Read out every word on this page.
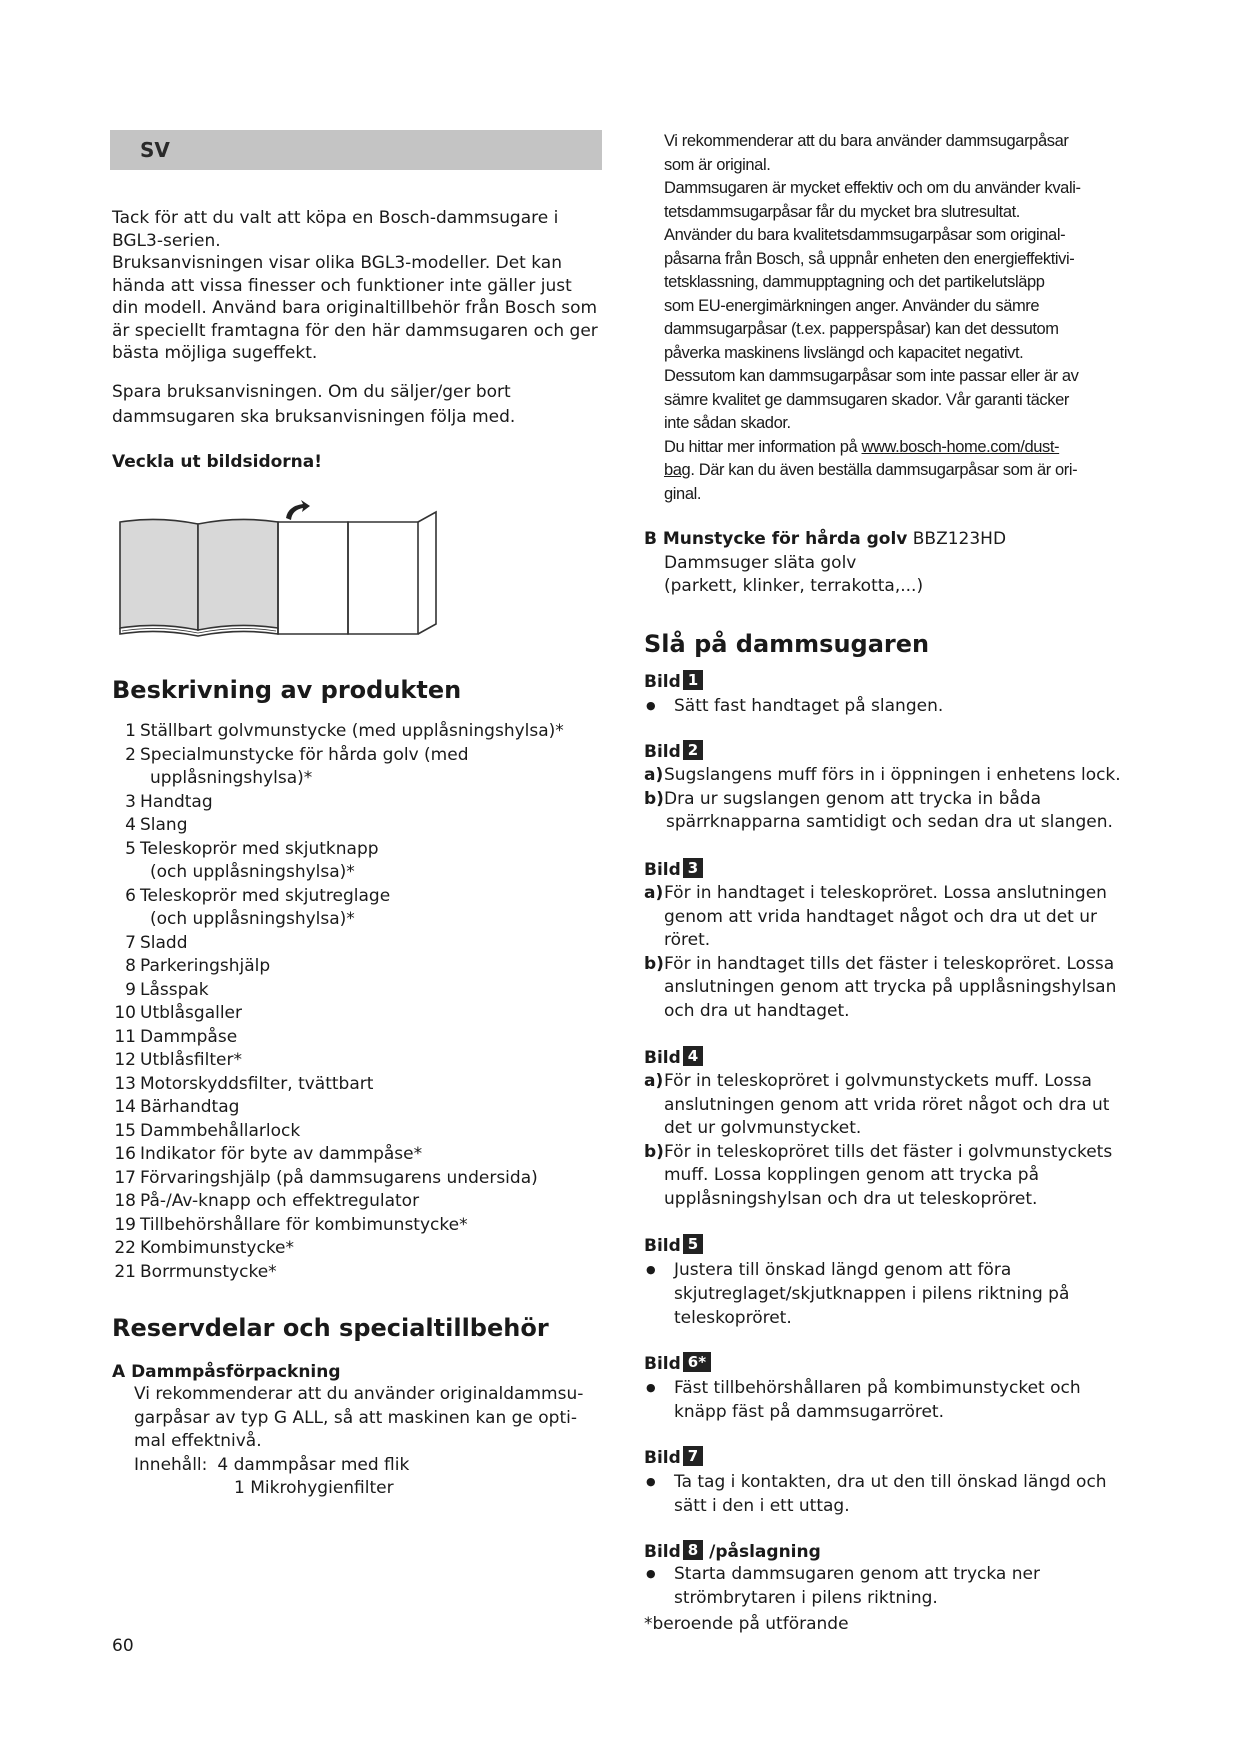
SV
Tack för att du valt att köpa en Bosch-dammsugare i
BGL3-serien.
Bruksanvisningen visar olika BGL3-modeller. Det kan
hända att vissa finesser och funktioner inte gäller just
din modell. Använd bara originaltillbehör från Bosch som
är speciellt framtagna för den här dammsugaren och ger
bästa möjliga sugeffekt.
Spara bruksanvisningen. Om du säljer/ger bort
dammsugaren ska bruksanvisningen följa med.
Veckla ut bildsidorna!
Beskrivning av produkten
1 Ställbart golvmunstycke (med upplåsningshylsa)*
2 Specialmunstycke för hårda golv (med
upplåsningshylsa)*
3 Handtag
4 Slang
5 Teleskoprör med skjutknapp
(och upplåsningshylsa)*
6 Teleskoprör med skjutreglage
(och upplåsningshylsa)*
7 Sladd
8 Parkeringshjälp
9 Låsspak
10 Utblåsgaller
11 Dammpåse
12 Utblåsfilter*
13 Motorskyddsfilter, tvättbart
14 Bärhandtag
15 Dammbehållarlock
16 Indikator för byte av dammpåse*
17 Förvaringshjälp (på dammsugarens undersida)
18 På-/Av-knapp och effektregulator
19 Tillbehörshållare för kombimunstycke*
22 Kombimunstycke*
21 Borrmunstycke*
Reservdelar och specialtillbehör
A Dammpåsförpackning
Vi rekommenderar att du använder originaldammsu-
garpåsar av typ G ALL, så att maskinen kan ge opti-
mal effektnivå.
Innehåll: 4 dammpåsar med flik
1 Mikrohygienfilter
60
Vi rekommenderar att du bara använder dammsugarpåsar
som är original.
Dammsugaren är mycket effektiv och om du använder kvali-
tetsdammsugarpåsar får du mycket bra slutresultat.
Använder du bara kvalitetsdammsugarpåsar som original-
påsarna från Bosch, så uppnår enheten den energieffektivi-
tetsklassning, dammupptagning och det partikelutsläpp
som EU-energimärkningen anger. Använder du sämre
dammsugarpåsar (t.ex. papperspåsar) kan det dessutom
påverka maskinens livslängd och kapacitet negativt.
Dessutom kan dammsugarpåsar som inte passar eller är av
sämre kvalitet ge dammsugaren skador. Vår garanti täcker
inte sådan skador.
Du hittar mer information på www.bosch-home.com/dust-
bag. Där kan du även beställa dammsugarpåsar som är ori-
ginal.
B Munstycke för hårda golv BBZ123HD
Dammsuger släta golv
(parkett, klinker, terrakotta,...)
Slå på dammsugaren
Bild 1
● Sätt fast handtaget på slangen.
Bild 2
a) Sugslangens muff förs in i öppningen i enhetens lock.
b) Dra ur sugslangen genom att trycka in båda
spärrknapparna samtidigt och sedan dra ut slangen.
Bild 3
a) För in handtaget i teleskopröret. Lossa anslutningen
genom att vrida handtaget något och dra ut det ur
röret.
b) För in handtaget tills det fäster i teleskopröret. Lossa
anslutningen genom att trycka på upplåsningshylsan
och dra ut handtaget.
Bild 4
a) För in teleskopröret i golvmunstyckets muff. Lossa
anslutningen genom att vrida röret något och dra ut
det ur golvmunstycket.
b) För in teleskopröret tills det fäster i golvmunstyckets
muff. Lossa kopplingen genom att trycka på
upplåsningshylsan och dra ut teleskopröret.
Bild 5
● Justera till önskad längd genom att föra
skjutreglaget/skjutknappen i pilens riktning på
teleskopröret.
Bild 6*
● Fäst tillbehörshållaren på kombimunstycket och
knäpp fäst på dammsugarröret.
Bild 7
● Ta tag i kontakten, dra ut den till önskad längd och
sätt i den i ett uttag.
Bild 8 /påslagning
● Starta dammsugaren genom att trycka ner
strömbrytaren i pilens riktning.
*beroende på utförande
